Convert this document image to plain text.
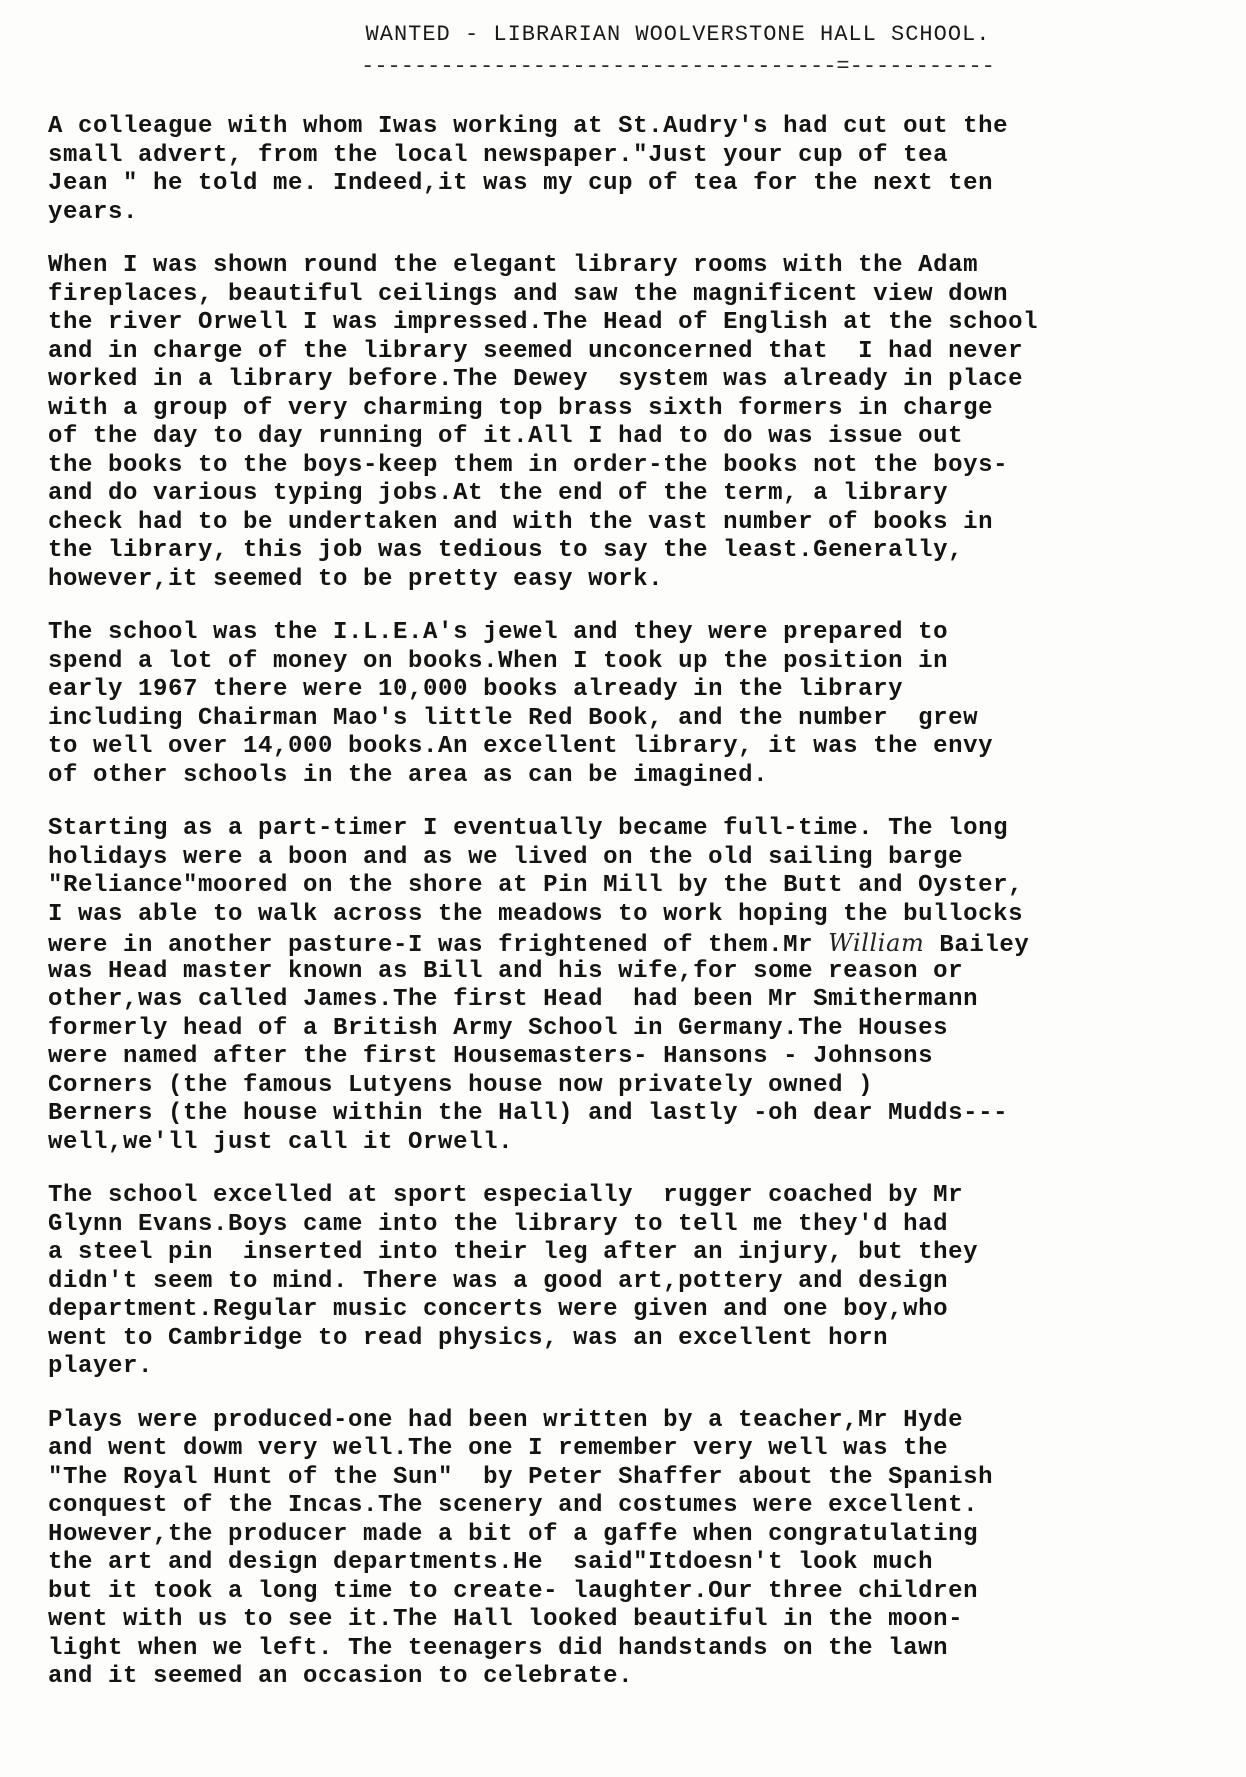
WANTED - LIBRARIAN WOOLVERSTONE HALL SCHOOL.
------------------------------------=-----------
A colleague with whom Iwas working at St.Audry's had cut out the
small advert, from the local newspaper."Just your cup of tea
Jean " he told me. Indeed,it was my cup of tea for the next ten
years.
When I was shown round the elegant library rooms with the Adam
fireplaces, beautiful ceilings and saw the magnificent view down
the river Orwell I was impressed.The Head of English at the school
and in charge of the library seemed unconcerned that  I had never
worked in a library before.The Dewey  system was already in place
with a group of very charming top brass sixth formers in charge
of the day to day running of it.All I had to do was issue out
the books to the boys-keep them in order-the books not the boys-
and do various typing jobs.At the end of the term, a library
check had to be undertaken and with the vast number of books in
the library, this job was tedious to say the least.Generally,
however,it seemed to be pretty easy work.
The school was the I.L.E.A's jewel and they were prepared to
spend a lot of money on books.When I took up the position in
early 1967 there were 10,000 books already in the library
including Chairman Mao's little Red Book, and the number  grew
to well over 14,000 books.An excellent library, it was the envy
of other schools in the area as can be imagined.
Starting as a part-timer I eventually became full-time. The long
holidays were a boon and as we lived on the old sailing barge
"Reliance"moored on the shore at Pin Mill by the Butt and Oyster,
I was able to walk across the meadows to work hoping the bullocks
were in another pasture-I was frightened of them.Mr William Bailey
was Head master known as Bill and his wife,for some reason or
other,was called James.The first Head  had been Mr Smithermann
formerly head of a British Army School in Germany.The Houses
were named after the first Housemasters- Hansons - Johnsons
Corners (the famous Lutyens house now privately owned )
Berners (the house within the Hall) and lastly -oh dear Mudds---
well,we'll just call it Orwell.
The school excelled at sport especially  rugger coached by Mr
Glynn Evans.Boys came into the library to tell me they'd had
a steel pin  inserted into their leg after an injury, but they
didn't seem to mind. There was a good art,pottery and design
department.Regular music concerts were given and one boy,who
went to Cambridge to read physics, was an excellent horn
player.
Plays were produced-one had been written by a teacher,Mr Hyde
and went dowm very well.The one I remember very well was the
"The Royal Hunt of the Sun"  by Peter Shaffer about the Spanish
conquest of the Incas.The scenery and costumes were excellent.
However,the producer made a bit of a gaffe when congratulating
the art and design departments.He  said"Itdoesn't look much
but it took a long time to create- laughter.Our three children
went with us to see it.The Hall looked beautiful in the moon-
light when we left. The teenagers did handstands on the lawn
and it seemed an occasion to celebrate.
